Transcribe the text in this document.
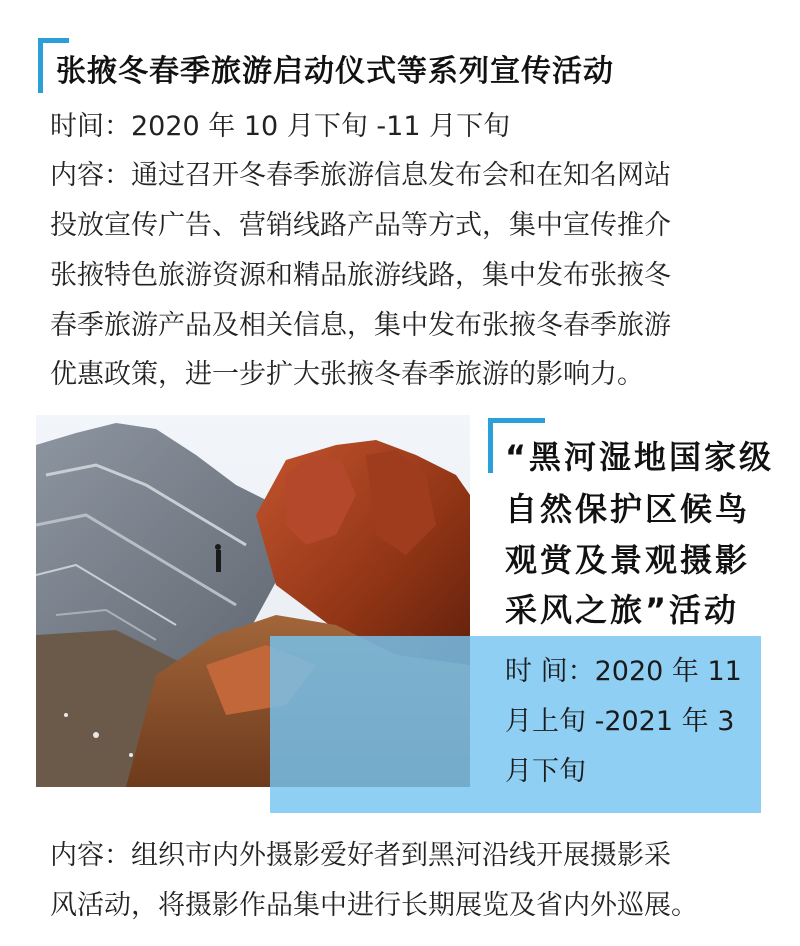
张掖冬春季旅游启动仪式等系列宣传活动
时间：2020 年 10 月下旬 -11 月下旬
内容：通过召开冬春季旅游信息发布会和在知名网站
投放宣传广告、营销线路产品等方式，集中宣传推介
张掖特色旅游资源和精品旅游线路，集中发布张掖冬
春季旅游产品及相关信息，集中发布张掖冬春季旅游
优惠政策，进一步扩大张掖冬春季旅游的影响力。
“黑河湿地国家级
自然保护区候鸟
观赏及景观摄影
采风之旅”活动
时 间：2020 年 11
月上旬 -2021 年 3
月下旬
内容：组织市内外摄影爱好者到黑河沿线开展摄影采
风活动，将摄影作品集中进行长期展览及省内外巡展。
